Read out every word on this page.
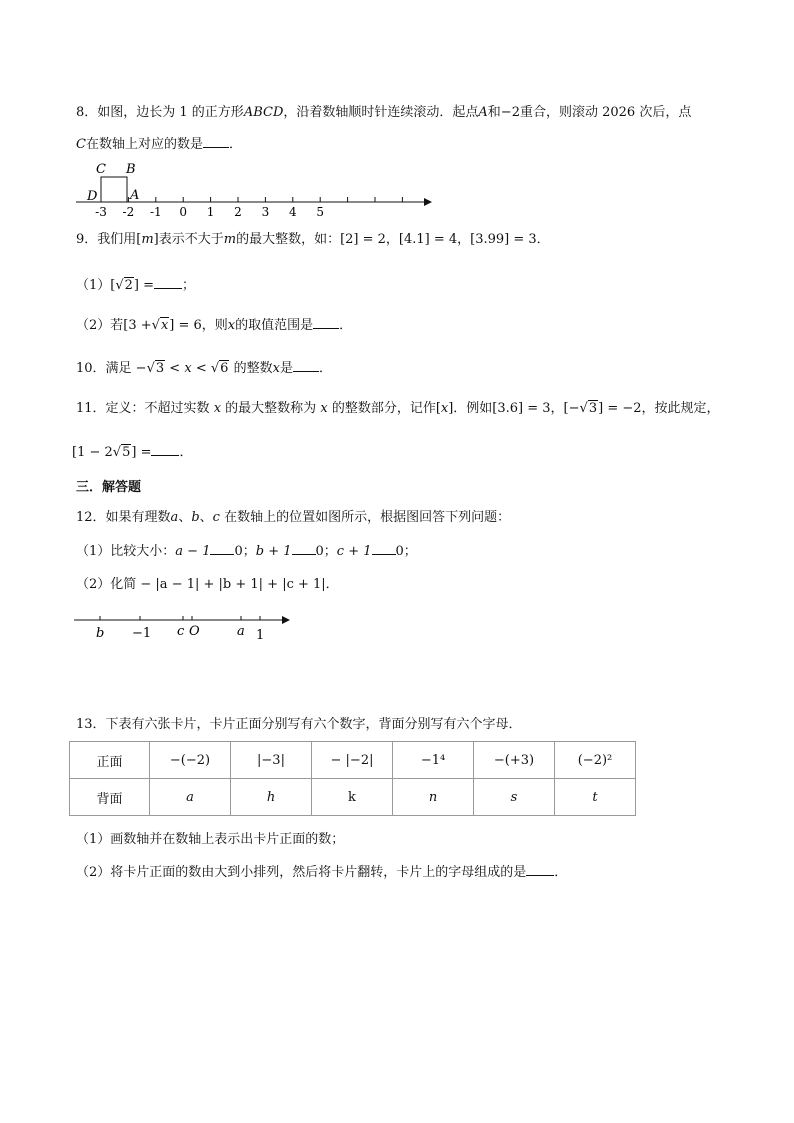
8．如图，边长为 1 的正方形ABCD，沿着数轴顺时针连续滚动．起点A和−2重合，则滚动 2026 次后，点
C在数轴上对应的数是 ．
C B
D	A
-3 -2 -1 0 1 2 3 4 5
9．我们用[m]表示不大于m的最大整数，如：[2] = 2，[4.1] = 4，[3.99] = 3．
（1）[√2] = ；
（2）若[3 +√x] = 6，则x的取值范围是 ．
10．满足 −√3 < x < √6 的整数x是 ．
11．定义：不超过实数 x 的最大整数称为 x 的整数部分，记作[x]．例如[3.6] = 3，[−√3] = −2，按此规定，
[1 − 2√5] = ．
三．解答题
12．如果有理数a、b、c 在数轴上的位置如图所示，根据图回答下列问题：
（1）比较大小：a − 1 0；b + 1 0；c + 1 0；
（2）化简 − |a − 1| + |b + 1| + |c + 1|．
b −1 c O	a 1
13．下表有六张卡片，卡片正面分别写有六个数字，背面分别写有六个字母．
正面	−(−2)	|−3|	− |−2|	−1⁴	−(+3)	(−2)²
背面	a	h	k	n	s	t
（1）画数轴并在数轴上表示出卡片正面的数；
（2）将卡片正面的数由大到小排列，然后将卡片翻转，卡片上的字母组成的是 ．
